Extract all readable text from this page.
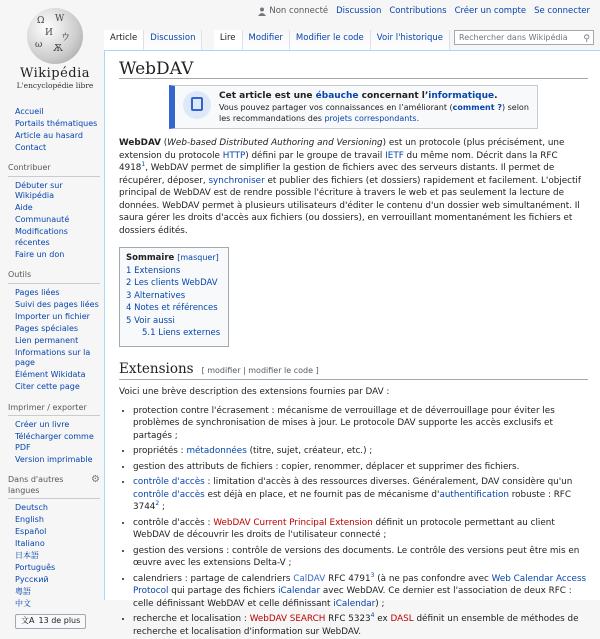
Non connecté Discussion Contributions Créer un compte Se connecter
Ω W
И ウ
ω Ѫ
Wikipédia
L'encyclopédie libre
Accueil
Portails thématiques
Article au hasard
Contact
Contribuer
Débuter sur Wikipédia
Aide
Communauté
Modifications récentes
Faire un don
Outils
Pages liées
Suivi des pages liées
Importer un fichier
Pages spéciales
Lien permanent
Informations sur la page
Élément Wikidata
Citer cette page
Imprimer / exporter
Créer un livre
Télécharger comme PDF
Version imprimable
Dans d'autres langues
⚙
Deutsch
English
Español
Italiano
日本語
Português
Русский
粵語
中文
文A 13 de plus
Article	Discussion	Lire	Modifier	Modifier le code	Voir l'historique	Rechercher dans Wikipédia ⚲
WebDAV
Cet article est une ébauche concernant l’informatique.
Vous pouvez partager vos connaissances en l’améliorant (comment ?) selon les recommandations des projets correspondants.

WebDAV (Web-based Distributed Authoring and Versioning) est un protocole (plus précisément, une extension du protocole HTTP) défini par le groupe de travail IETF du même nom. Décrit dans la RFC 4918$^1$, WebDAV permet de simplifier la gestion de fichiers avec des serveurs distants. Il permet de récupérer, déposer, synchroniser et publier des fichiers (et dossiers) rapidement et facilement. L'objectif principal de WebDAV est de rendre possible l'écriture à travers le web et pas seulement la lecture de données. WebDAV permet à plusieurs utilisateurs d'éditer le contenu d'un dossier web simultanément. Il saura gérer les droits d'accès aux fichiers (ou dossiers), en verrouillant momentanément les fichiers et dossiers édités.

Sommaire [masquer]
1 Extensions
2 Les clients WebDAV
3 Alternatives
4 Notes et références
5 Voir aussi
5.1 Liens externes
Extensions [ modifier | modifier le code ]

Voici une brève description des extensions fournies par DAV :

• protection contre l'écrasement : mécanisme de verrouillage et de déverrouillage pour éviter les problèmes de synchronisation de mises à jour. Le protocole DAV supporte les accès exclusifs et partagés ;
• propriétés : métadonnées (titre, sujet, créateur, etc.) ;
• gestion des attributs de fichiers : copier, renommer, déplacer et supprimer des fichiers.
• contrôle d'accès : limitation d'accès à des ressources diverses. Généralement, DAV considère qu'un contrôle d'accès est déjà en place, et ne fournit pas de mécanisme d'authentification robuste : RFC 3744$^2$ ;
• contrôle d'accès : WebDAV Current Principal Extension définit un protocole permettant au client WebDAV de découvrir les droits de l'utilisateur connecté ;
• gestion des versions : contrôle de versions des documents. Le contrôle des versions peut être mis en œuvre avec les extensions Delta-V ;
• calendriers : partage de calendriers CalDAV RFC 4791$^3$ (à ne pas confondre avec Web Calendar Access Protocol qui partage des fichiers iCalendar avec WebDAV. Ce dernier est l'association de deux RFC : celle définissant WebDAV et celle définissant iCalendar) ;
• recherche et localisation : WebDAV SEARCH RFC 5323$^4$ ex DASL définit un ensemble de méthodes de recherche et localisation d'information sur WebDAV.
